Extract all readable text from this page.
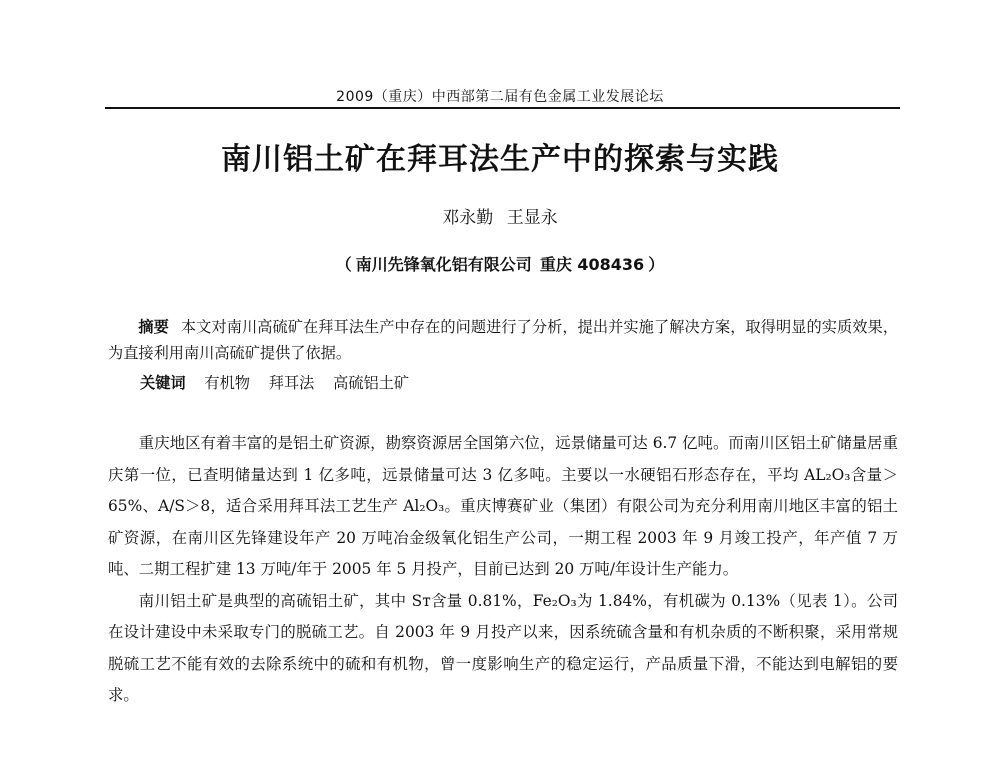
2009（重庆）中西部第二届有色金属工业发展论坛
南川铝土矿在拜耳法生产中的探索与实践
邓永勤 王显永
（ 南川先锋氧化铝有限公司 重庆 408436 ）
摘要 本文对南川高硫矿在拜耳法生产中存在的问题进行了分析，提出并实施了解决方案，取得明显的实质效果，为直接利用南川高硫矿提供了依据。
关键词 有机物 拜耳法 高硫铝土矿

重庆地区有着丰富的是铝土矿资源，勘察资源居全国第六位，远景储量可达 6.7 亿吨。而南川区铝土矿储量居重庆第一位，已查明储量达到 1 亿多吨，远景储量可达 3 亿多吨。主要以一水硬铝石形态存在，平均 AL₂O₃含量＞65%、A/S＞8，适合采用拜耳法工艺生产 Al₂O₃。重庆博赛矿业（集团）有限公司为充分利用南川地区丰富的铝土矿资源，在南川区先锋建设年产 20 万吨冶金级氧化铝生产公司，一期工程 2003 年 9 月竣工投产，年产值 7 万吨、二期工程扩建 13 万吨/年于 2005 年 5 月投产，目前已达到 20 万吨/年设计生产能力。

南川铝土矿是典型的高硫铝土矿，其中 Sт含量 0.81%，Fe₂O₃为 1.84%，有机碳为 0.13%（见表 1）。公司在设计建设中未采取专门的脱硫工艺。自 2003 年 9 月投产以来，因系统硫含量和有机杂质的不断积聚，采用常规脱硫工艺不能有效的去除系统中的硫和有机物，曾一度影响生产的稳定运行，产品质量下滑，不能达到电解铝的要求。
